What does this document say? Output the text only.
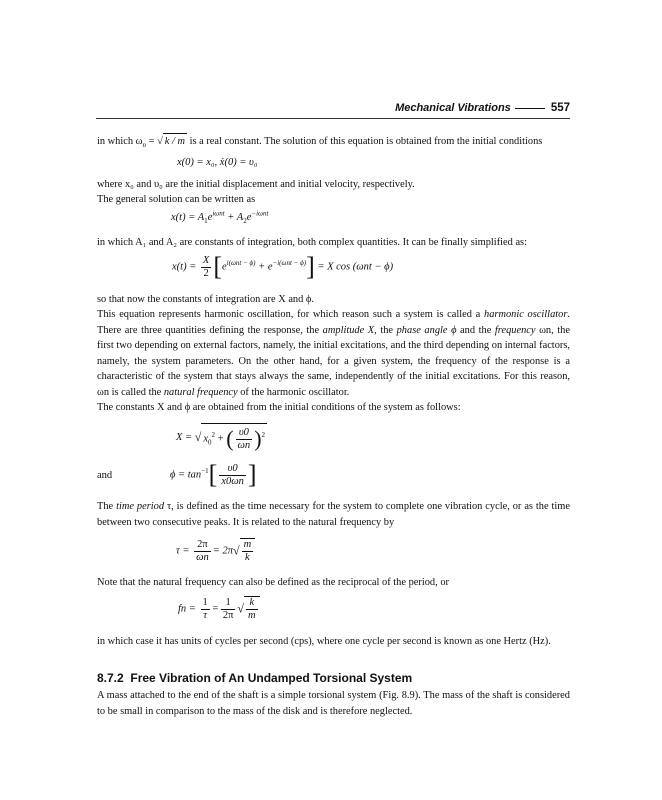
Mechanical Vibrations	557
in which $\omega_n$ = √ k / m is a real constant. The solution of this equation is obtained from the initial conditions
x(0) = x₀, ẋ(0) = υ₀
where x₀ and υ₀ are the initial displacement and initial velocity, respectively.
The general solution can be written as
$x(t) = A_1e^{i\omega nt} + A_2e^{-i\omega nt}$
in which A₁ and A₂ are constants of integration, both complex quantities. It can be finally simplified as:
$x(t) = \frac{X}{2} [e^{i(\omega nt - \phi)} + e^{-i(\omega nt - \phi)}] = X$ cos (ωnt − ϕ)
so that now the constants of integration are X and ϕ.
This equation represents harmonic oscillation, for which reason such a system is called a harmonic oscillator. There are three quantities defining the response, the amplitude X, the phase angle ϕ and the frequency ωn, the first two depending on external factors, namely, the initial excitations, and the third depending on internal factors, namely, the system parameters. On the other hand, for a given system, the frequency of the response is a characteristic of the system that stays always the same, independently of the initial excitations. For this reason, ωn is called the natural frequency of the harmonic oscillator.
The constants X and ϕ are obtained from the initial conditions of the system as follows:
X = √ $x_0^2$ + ( $\frac{\upsilon 0}{\omega n} )^2$
and	$\phi = \tan^{-1}[ \frac{\upsilon 0}{x0\omega n}$ ]
The time period τ, is defined as the time necessary for the system to complete one vibration cycle, or as the time between two consecutive peaks. It is related to the natural frequency by
$\tau = \frac{2\pi}{\omega n} = 2\pi√ \frac{m}{k}$
Note that the natural frequency can also be defined as the reciprocal of the period, or
fn = $\frac{1}{\tau} = \frac{1}{2\pi}$ √ $\frac{k}{m}$
in which case it has units of cycles per second (cps), where one cycle per second is known as one Hertz (Hz).
8.7.2 Free Vibration of An Undamped Torsional System
A mass attached to the end of the shaft is a simple torsional system (Fig. 8.9). The mass of the shaft is considered to be small in comparison to the mass of the disk and is therefore neglected.
